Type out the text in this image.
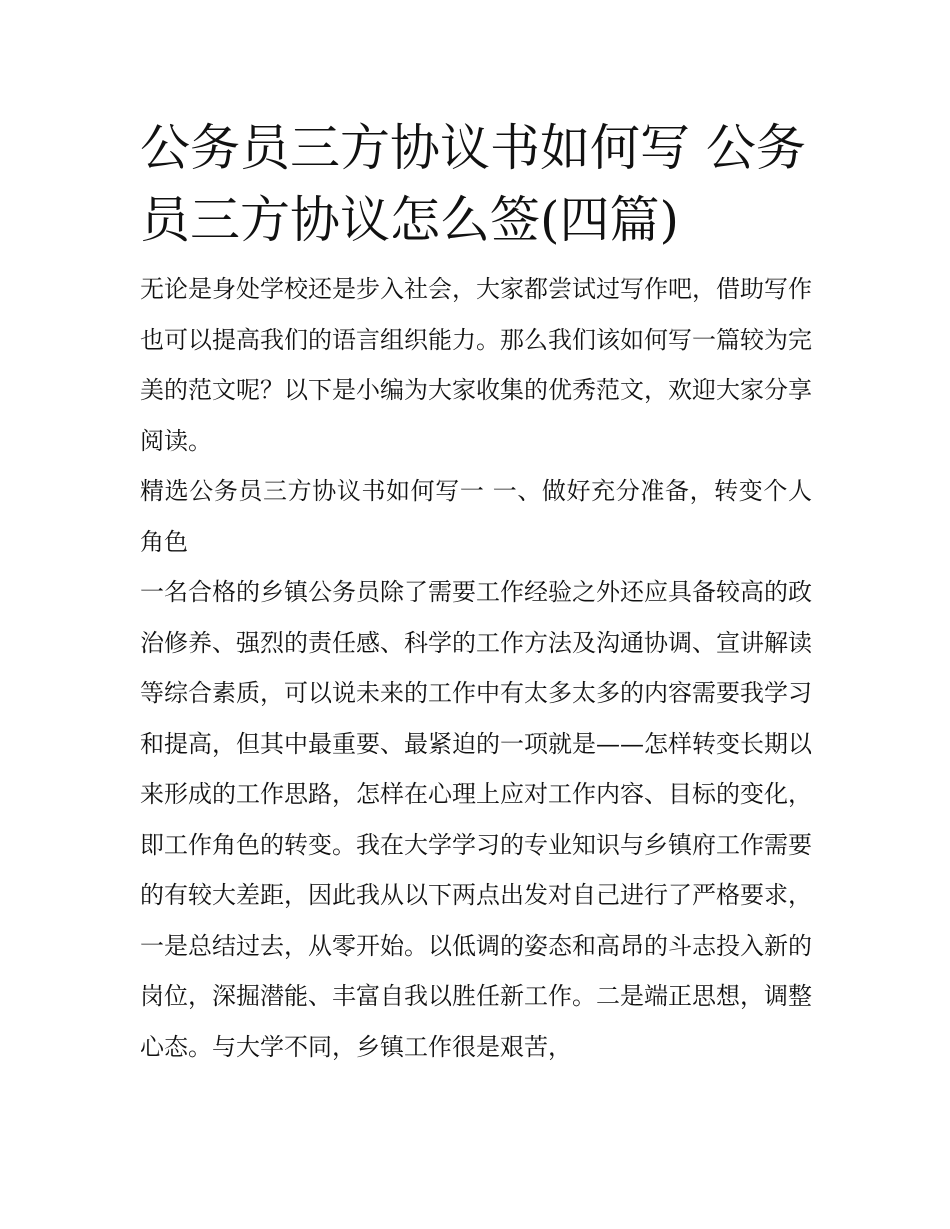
公务员三方协议书如何写 公务员三方协议怎么签(四篇)

无论是身处学校还是步入社会，大家都尝试过写作吧，借助写作也可以提高我们的语言组织能力。那么我们该如何写一篇较为完美的范文呢？以下是小编为大家收集的优秀范文，欢迎大家分享阅读。

精选公务员三方协议书如何写一 一、做好充分准备，转变个人角色

一名合格的乡镇公务员除了需要工作经验之外还应具备较高的政治修养、强烈的责任感、科学的工作方法及沟通协调、宣讲解读等综合素质，可以说未来的工作中有太多太多的内容需要我学习和提高，但其中最重要、最紧迫的一项就是——怎样转变长期以来形成的工作思路，怎样在心理上应对工作内容、目标的变化，即工作角色的转变。我在大学学习的专业知识与乡镇府工作需要的有较大差距，因此我从以下两点出发对自己进行了严格要求，一是总结过去，从零开始。以低调的姿态和高昂的斗志投入新的岗位，深掘潜能、丰富自我以胜任新工作。二是端正思想，调整心态。与大学不同，乡镇工作很是艰苦，
